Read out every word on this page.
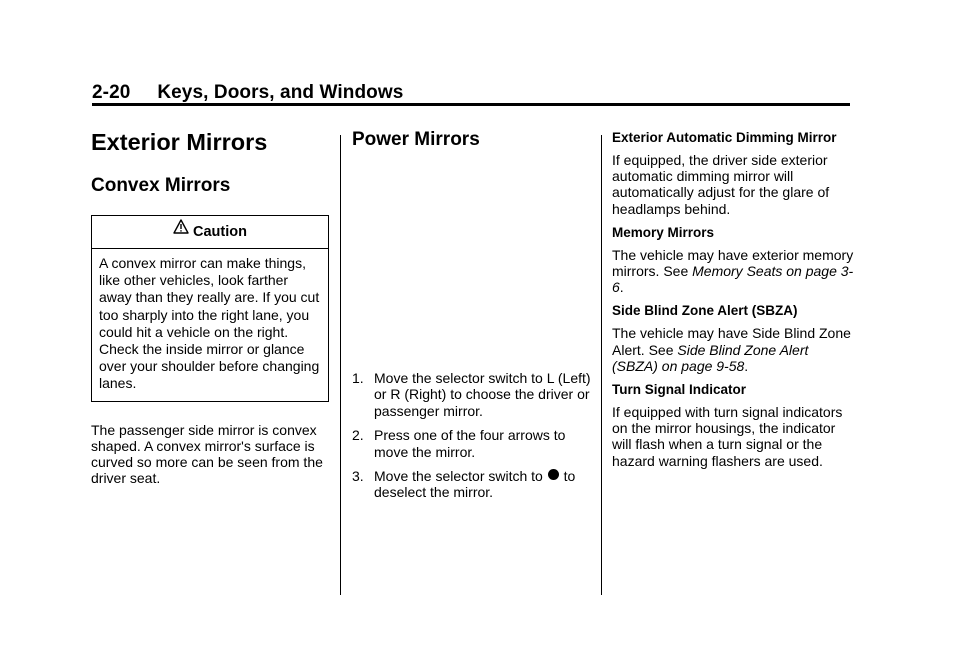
2-20     Keys, Doors, and Windows
Exterior Mirrors
Convex Mirrors
Caution
A convex mirror can make things, like other vehicles, look farther away than they really are. If you cut too sharply into the right lane, you could hit a vehicle on the right. Check the inside mirror or glance over your shoulder before changing lanes.

The passenger side mirror is convex shaped. A convex mirror's surface is curved so more can be seen from the driver seat.

Power Mirrors
1. Move the selector switch to L (Left) or R (Right) to choose the driver or passenger mirror.
2. Press one of the four arrows to move the mirror.
3. Move the selector switch to to deselect the mirror.
Exterior Automatic Dimming Mirror

If equipped, the driver side exterior automatic dimming mirror will automatically adjust for the glare of headlamps behind.

Memory Mirrors

The vehicle may have exterior memory mirrors. See Memory Seats on page 3-6.

Side Blind Zone Alert (SBZA)

The vehicle may have Side Blind Zone Alert. See Side Blind Zone Alert (SBZA) on page 9-58.

Turn Signal Indicator

If equipped with turn signal indicators on the mirror housings, the indicator will flash when a turn signal or the hazard warning flashers are used.
